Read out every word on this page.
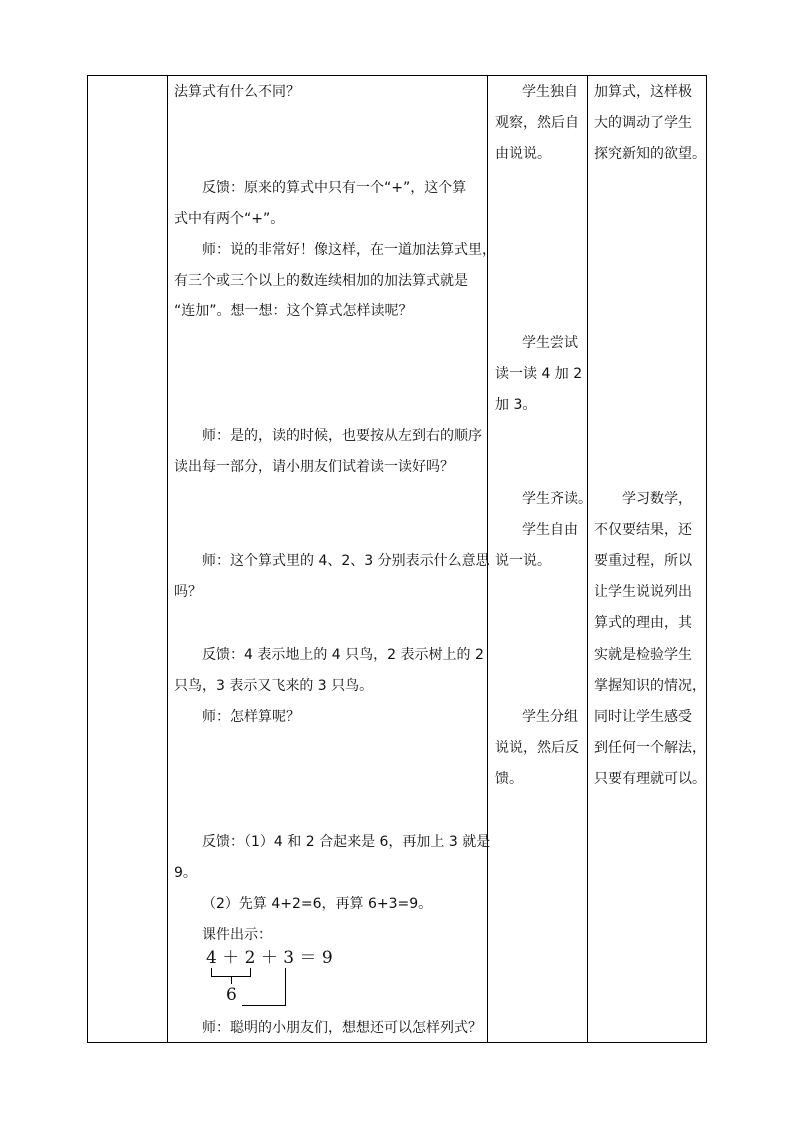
法算式有什么不同？
反馈：原来的算式中只有一个“+”，这个算
式中有两个“+”。
师：说的非常好！像这样，在一道加法算式里，
有三个或三个以上的数连续相加的加法算式就是
“连加”。想一想：这个算式怎样读呢？
师：是的，读的时候，也要按从左到右的顺序
读出每一部分，请小朋友们试着读一读好吗？
师：这个算式里的 4、2、3 分别表示什么意思
吗？
反馈：4 表示地上的 4 只鸟，2 表示树上的 2
只鸟，3 表示又飞来的 3 只鸟。
师：怎样算呢？
反馈：（1）4 和 2 合起来是 6，再加上 3 就是
9。
（2）先算 4+2=6，再算 6+3=9。
课件出示：
4 ＋ 2 ＋ 3 ＝ 9
6
师：聪明的小朋友们，想想还可以怎样列式？
学生独自
观察，然后自
由说说。
学生尝试
读一读 4 加 2
加 3。
学生齐读。
学生自由
说一说。
学生分组
说说，然后反
馈。
加算式，这样极
大的调动了学生
探究新知的欲望。
学习数学，
不仅要结果，还
要重过程，所以
让学生说说列出
算式的理由，其
实就是检验学生
掌握知识的情况，
同时让学生感受
到任何一个解法，
只要有理就可以。
